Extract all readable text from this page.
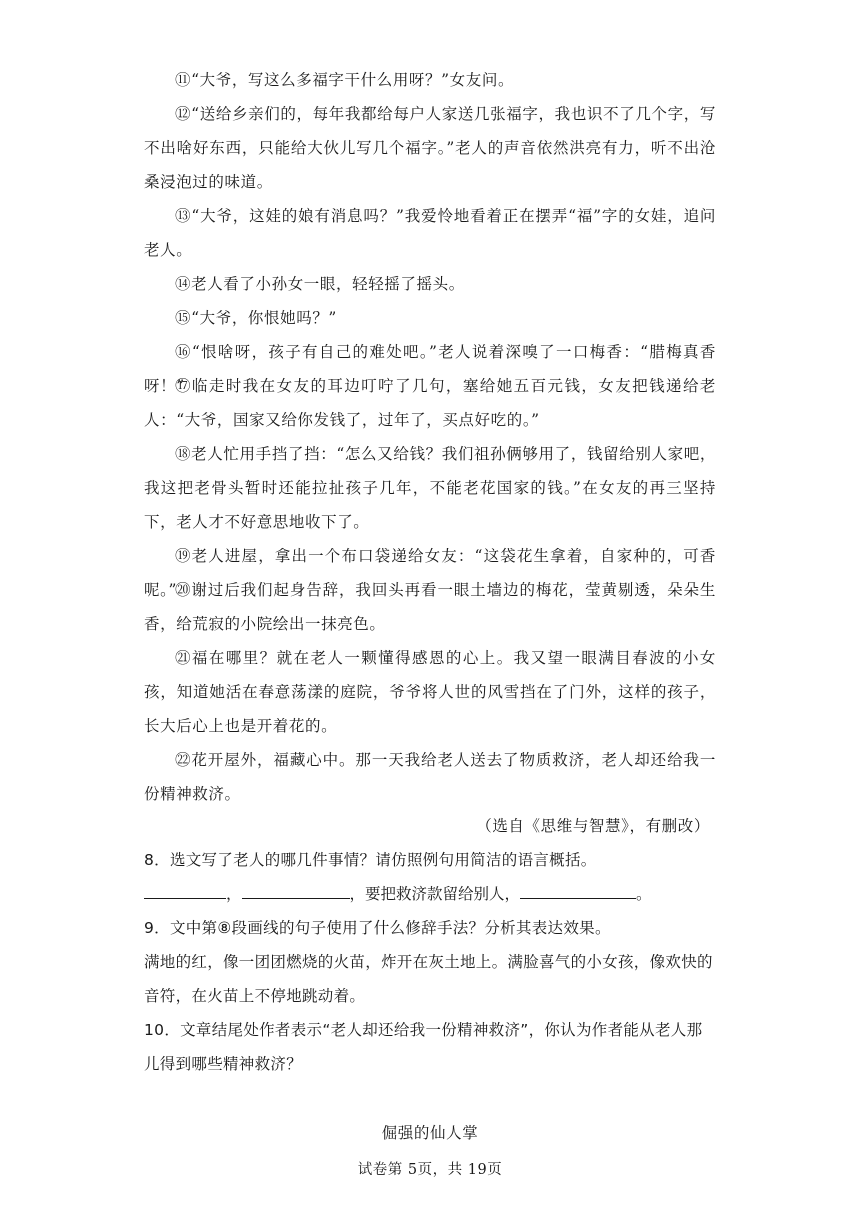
⑪“大爷，写这么多福字干什么用呀？”女友问。

⑫“送给乡亲们的，每年我都给每户人家送几张福字，我也识不了几个字，写不出啥好东西，只能给大伙儿写几个福字。”老人的声音依然洪亮有力，听不出沧桑浸泡过的味道。

⑬“大爷，这娃的娘有消息吗？”我爱怜地看着正在摆弄“福”字的女娃，追问老人。

⑭老人看了小孙女一眼，轻轻摇了摇头。

⑮“大爷，你恨她吗？”

⑯“恨啥呀，孩子有自己的难处吧。”老人说着深嗅了一口梅香：“腊梅真香呀！”

⑰临走时我在女友的耳边叮咛了几句，塞给她五百元钱，女友把钱递给老人：“大爷，国家又给你发钱了，过年了，买点好吃的。”

⑱老人忙用手挡了挡：“怎么又给钱？我们祖孙俩够用了，钱留给别人家吧，我这把老骨头暂时还能拉扯孩子几年，不能老花国家的钱。”在女友的再三坚持下，老人才不好意思地收下了。

⑲老人进屋，拿出一个布口袋递给女友：“这袋花生拿着，自家种的，可香呢。”

⑳谢过后我们起身告辞，我回头再看一眼土墙边的梅花，莹黄剔透，朵朵生香，给荒寂的小院绘出一抹亮色。

㉑福在哪里？就在老人一颗懂得感恩的心上。我又望一眼满目春波的小女孩，知道她活在春意荡漾的庭院，爷爷将人世的风雪挡在了门外，这样的孩子，长大后心上也是开着花的。

㉒花开屋外，福藏心中。那一天我给老人送去了物质救济，老人却还给我一份精神救济。

（选自《思维与智慧》，有删改）

8．选文写了老人的哪几件事情？请仿照例句用简洁的语言概括。

，	，要把救济款留给别人，	。

9．文中第⑧段画线的句子使用了什么修辞手法？分析其表达效果。

满地的红，像一团团燃烧的火苗，炸开在灰土地上。满脸喜气的小女孩，像欢快的音符，在火苗上不停地跳动着。

10．文章结尾处作者表示“老人却还给我一份精神救济”，你认为作者能从老人那儿得到哪些精神救济？

倔强的仙人掌
试卷第 5页，共 19页
